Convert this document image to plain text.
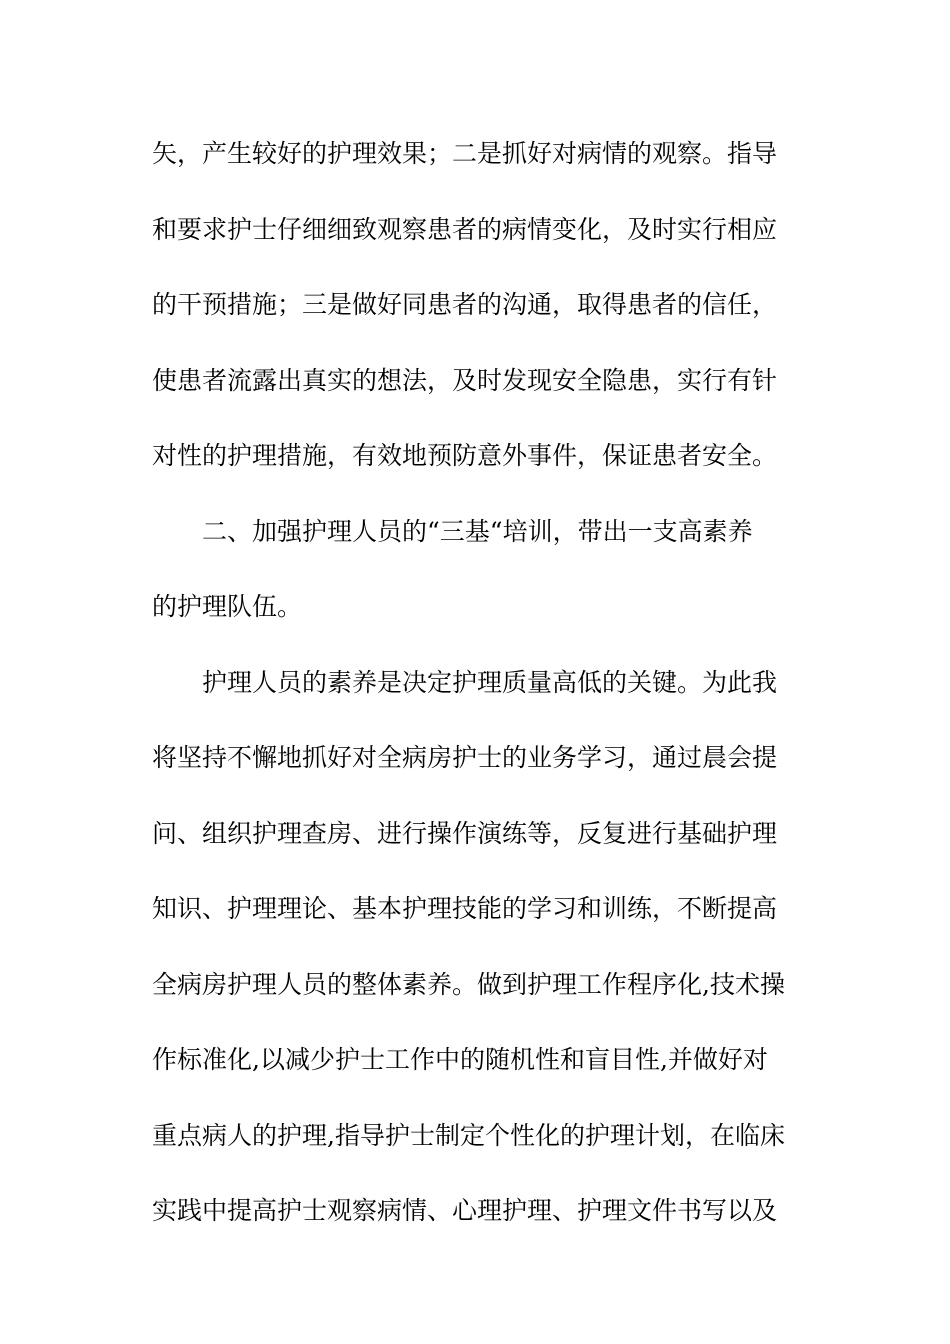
矢，产生较好的护理效果；二是抓好对病情的观察。指导
和要求护士仔细细致观察患者的病情变化，及时实行相应
的干预措施；三是做好同患者的沟通，取得患者的信任，
使患者流露出真实的想法，及时发现安全隐患，实行有针
对性的护理措施，有效地预防意外事件，保证患者安全。
二、加强护理人员的“三基“培训，带出一支高素养
的护理队伍。
护理人员的素养是决定护理质量高低的关键。为此我
将坚持不懈地抓好对全病房护士的业务学习，通过晨会提
问、组织护理查房、进行操作演练等，反复进行基础护理
知识、护理理论、基本护理技能的学习和训练，不断提高
全病房护理人员的整体素养。做到护理工作程序化,技术操
作标准化,以减少护士工作中的随机性和盲目性,并做好对
重点病人的护理,指导护士制定个性化的护理计划，在临床
实践中提高护士观察病情、心理护理、护理文件书写以及
